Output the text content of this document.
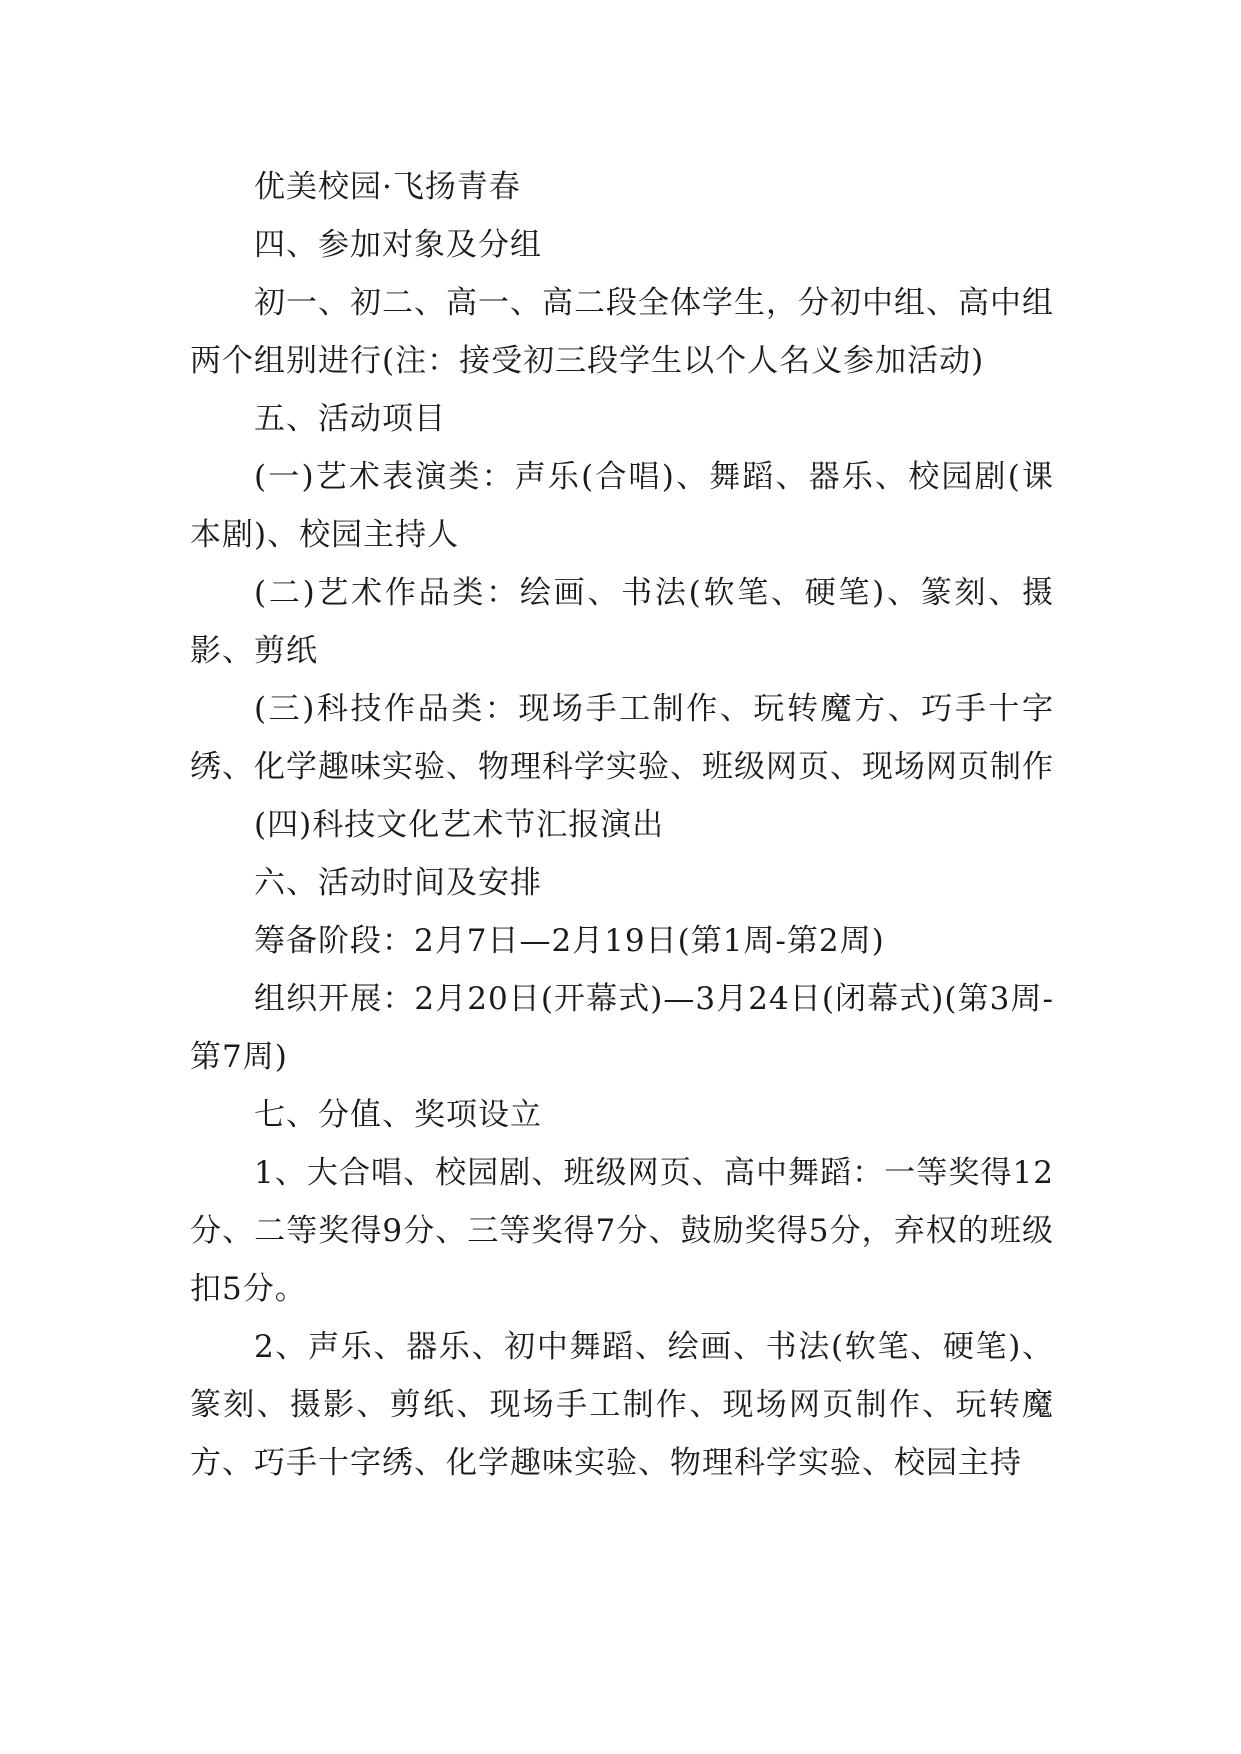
优美校园·飞扬青春

四、参加对象及分组

初一、初二、高一、高二段全体学生，分初中组、高中组两个组别进行(注：接受初三段学生以个人名义参加活动)

五、活动项目

(一)艺术表演类：声乐(合唱)、舞蹈、器乐、校园剧(课本剧)、校园主持人

(二)艺术作品类：绘画、书法(软笔、硬笔)、篆刻、摄影、剪纸

(三)科技作品类：现场手工制作、玩转魔方、巧手十字绣、化学趣味实验、物理科学实验、班级网页、现场网页制作

(四)科技文化艺术节汇报演出

六、活动时间及安排

筹备阶段：2月7日—2月19日(第1周-第2周)

组织开展：2月20日(开幕式)—3月24日(闭幕式)(第3周-第7周)

七、分值、奖项设立

1、大合唱、校园剧、班级网页、高中舞蹈：一等奖得12分、二等奖得9分、三等奖得7分、鼓励奖得5分，弃权的班级扣5分。

2、声乐、器乐、初中舞蹈、绘画、书法(软笔、硬笔)、篆刻、摄影、剪纸、现场手工制作、现场网页制作、玩转魔方、巧手十字绣、化学趣味实验、物理科学实验、校园主持
